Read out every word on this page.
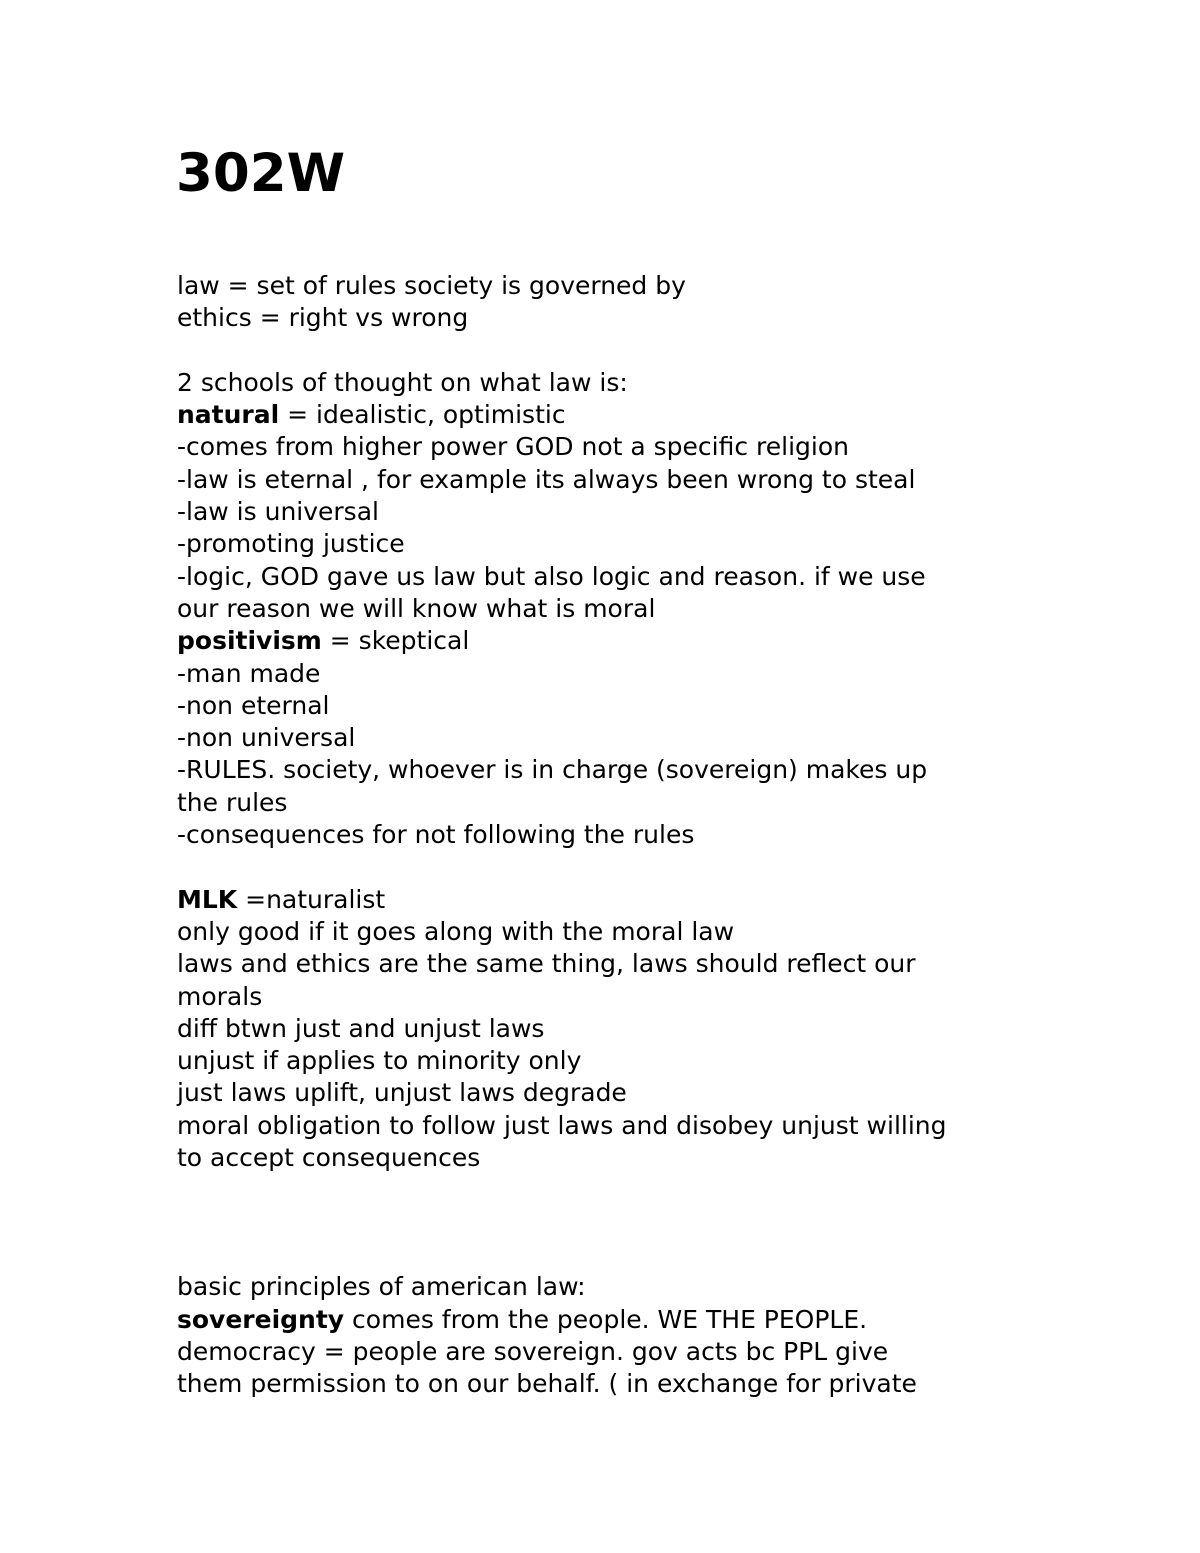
302W
law = set of rules society is governed by
ethics = right vs wrong
2 schools of thought on what law is:
natural = idealistic, optimistic
-comes from higher power GOD not a specific religion
-law is eternal , for example its always been wrong to steal
-law is universal
-promoting justice
-logic, GOD gave us law but also logic and reason. if we use
our reason we will know what is moral
positivism = skeptical
-man made
-non eternal
-non universal
-RULES. society, whoever is in charge (sovereign) makes up
the rules
-consequences for not following the rules
MLK =naturalist
only good if it goes along with the moral law
laws and ethics are the same thing, laws should reflect our
morals
diff btwn just and unjust laws
unjust if applies to minority only
just laws uplift, unjust laws degrade
moral obligation to follow just laws and disobey unjust willing
to accept consequences
basic principles of american law:
sovereignty comes from the people. WE THE PEOPLE.
democracy = people are sovereign. gov acts bc PPL give
them permission to on our behalf. ( in exchange for private
